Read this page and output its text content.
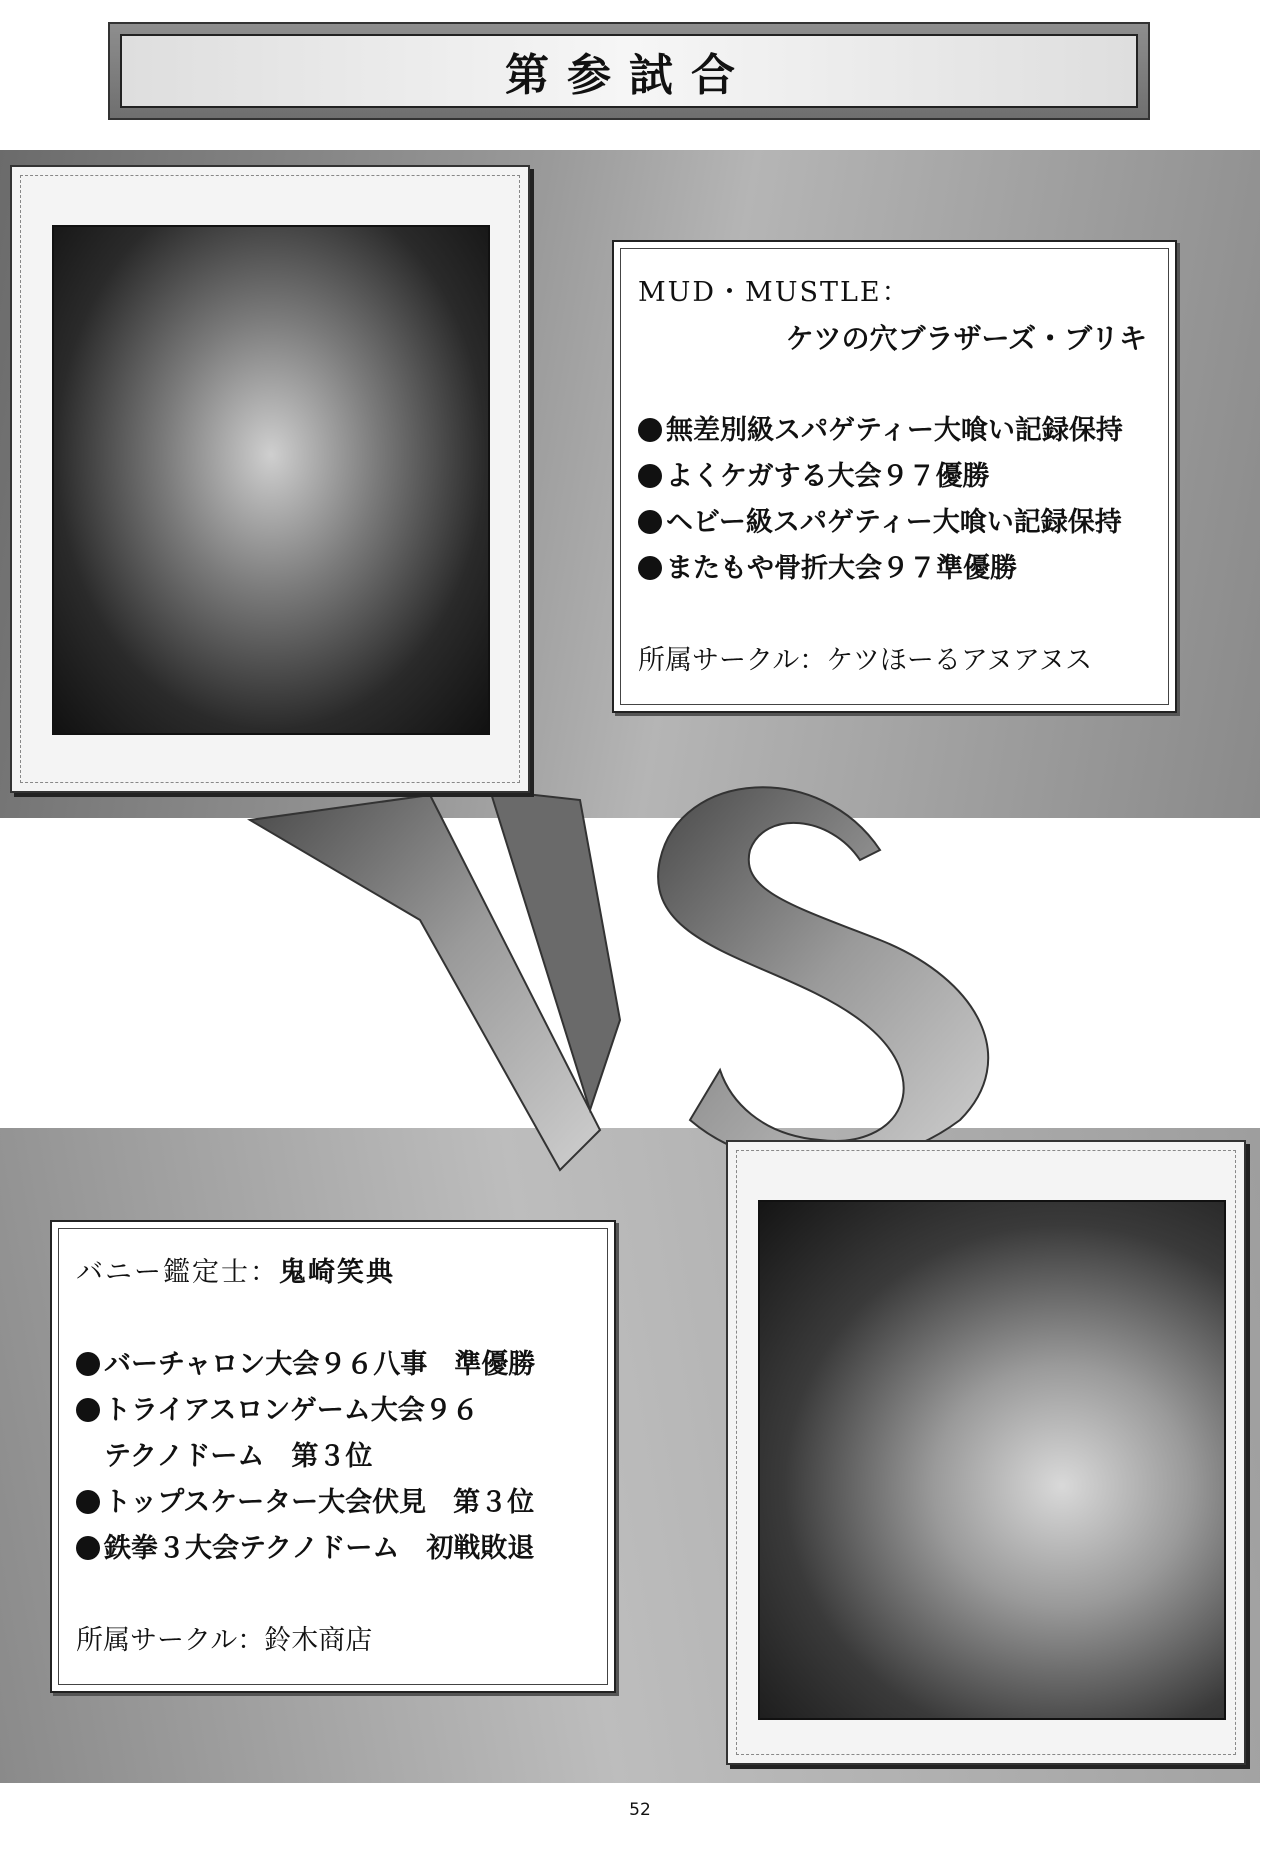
第参試合

MUD・MUSTLE：

ケツの穴ブラザーズ・ブリキ

無差別級スパゲティー大喰い記録保持
よくケガする大会９７優勝
ヘビー級スパゲティー大喰い記録保持
またもや骨折大会９７準優勝

所属サークル：ケツほーるアヌアヌス

バニー鑑定士：鬼崎笑典

バーチャロン大会９６八事　準優勝
トライアスロンゲーム大会９６
テクノドーム　第３位
トップスケーター大会伏見　第３位
鉄拳３大会テクノドーム　初戦敗退

所属サークル：鈴木商店

52
